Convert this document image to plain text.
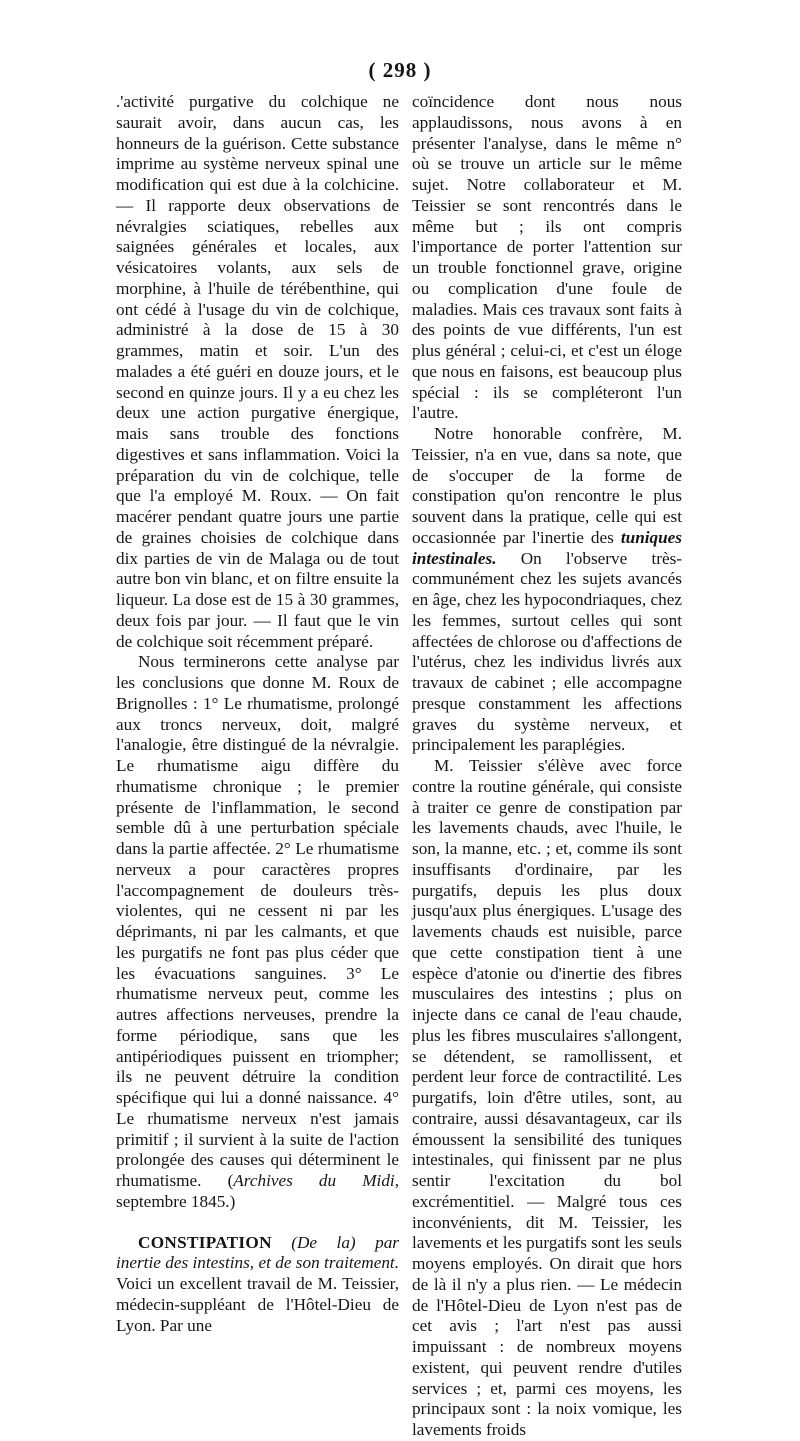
( 298 )

.'activité purgative du colchique ne saurait avoir, dans aucun cas, les honneurs de la guérison. Cette substance imprime au système nerveux spinal une modification qui est due à la colchicine. — Il rapporte deux observations de névralgies sciatiques, rebelles aux saignées générales et locales, aux vésicatoires volants, aux sels de morphine, à l'huile de térébenthine, qui ont cédé à l'usage du vin de colchique, administré à la dose de 15 à 30 grammes, matin et soir. L'un des malades a été guéri en douze jours, et le second en quinze jours. Il y a eu chez les deux une action purgative énergique, mais sans trouble des fonctions digestives et sans inflammation. Voici la préparation du vin de colchique, telle que l'a employé M. Roux. — On fait macérer pendant quatre jours une partie de graines choisies de colchique dans dix parties de vin de Malaga ou de tout autre bon vin blanc, et on filtre ensuite la liqueur. La dose est de 15 à 30 grammes, deux fois par jour. — Il faut que le vin de colchique soit récemment préparé.

Nous terminerons cette analyse par les conclusions que donne M. Roux de Brignolles : 1° Le rhumatisme, prolongé aux troncs nerveux, doit, malgré l'analogie, être distingué de la névralgie. Le rhumatisme aigu diffère du rhumatisme chronique ; le premier présente de l'inflammation, le second semble dû à une perturbation spéciale dans la partie affectée. 2° Le rhumatisme nerveux a pour caractères propres l'accompagnement de douleurs très-violentes, qui ne cessent ni par les déprimants, ni par les calmants, et que les purgatifs ne font pas plus céder que les évacuations sanguines. 3° Le rhumatisme nerveux peut, comme les autres affections nerveuses, prendre la forme périodique, sans que les antipériodiques puissent en triompher; ils ne peuvent détruire la condition spécifique qui lui a donné naissance. 4° Le rhumatisme nerveux n'est jamais primitif ; il survient à la suite de l'action prolongée des causes qui déterminent le rhumatisme. (Archives du Midi, septembre 1845.)

CONSTIPATION (De la) par inertie des intestins, et de son traitement. Voici un excellent travail de M. Teissier, médecin-suppléant de l'Hôtel-Dieu de Lyon. Par une

coïncidence dont nous nous applaudissons, nous avons à en présenter l'analyse, dans le même n° où se trouve un article sur le même sujet. Notre collaborateur et M. Teissier se sont rencontrés dans le même but ; ils ont compris l'importance de porter l'attention sur un trouble fonctionnel grave, origine ou complication d'une foule de maladies. Mais ces travaux sont faits à des points de vue différents, l'un est plus général ; celui-ci, et c'est un éloge que nous en faisons, est beaucoup plus spécial : ils se compléteront l'un l'autre.

Notre honorable confrère, M. Teissier, n'a en vue, dans sa note, que de s'occuper de la forme de constipation qu'on rencontre le plus souvent dans la pratique, celle qui est occasionnée par l'inertie des tuniques intestinales. On l'observe très-communément chez les sujets avancés en âge, chez les hypocondriaques, chez les femmes, surtout celles qui sont affectées de chlorose ou d'affections de l'utérus, chez les individus livrés aux travaux de cabinet ; elle accompagne presque constamment les affections graves du système nerveux, et principalement les paraplégies.

M. Teissier s'élève avec force contre la routine générale, qui consiste à traiter ce genre de constipation par les lavements chauds, avec l'huile, le son, la manne, etc. ; et, comme ils sont insuffisants d'ordinaire, par les purgatifs, depuis les plus doux jusqu'aux plus énergiques. L'usage des lavements chauds est nuisible, parce que cette constipation tient à une espèce d'atonie ou d'inertie des fibres musculaires des intestins ; plus on injecte dans ce canal de l'eau chaude, plus les fibres musculaires s'allongent, se détendent, se ramollissent, et perdent leur force de contractilité. Les purgatifs, loin d'être utiles, sont, au contraire, aussi désavantageux, car ils émoussent la sensibilité des tuniques intestinales, qui finissent par ne plus sentir l'excitation du bol excrémentitiel. — Malgré tous ces inconvénients, dit M. Teissier, les lavements et les purgatifs sont les seuls moyens employés. On dirait que hors de là il n'y a plus rien. — Le médecin de l'Hôtel-Dieu de Lyon n'est pas de cet avis ; l'art n'est pas aussi impuissant : de nombreux moyens existent, qui peuvent rendre d'utiles services ; et, parmi ces moyens, les principaux sont : la noix vomique, les lavements froids
